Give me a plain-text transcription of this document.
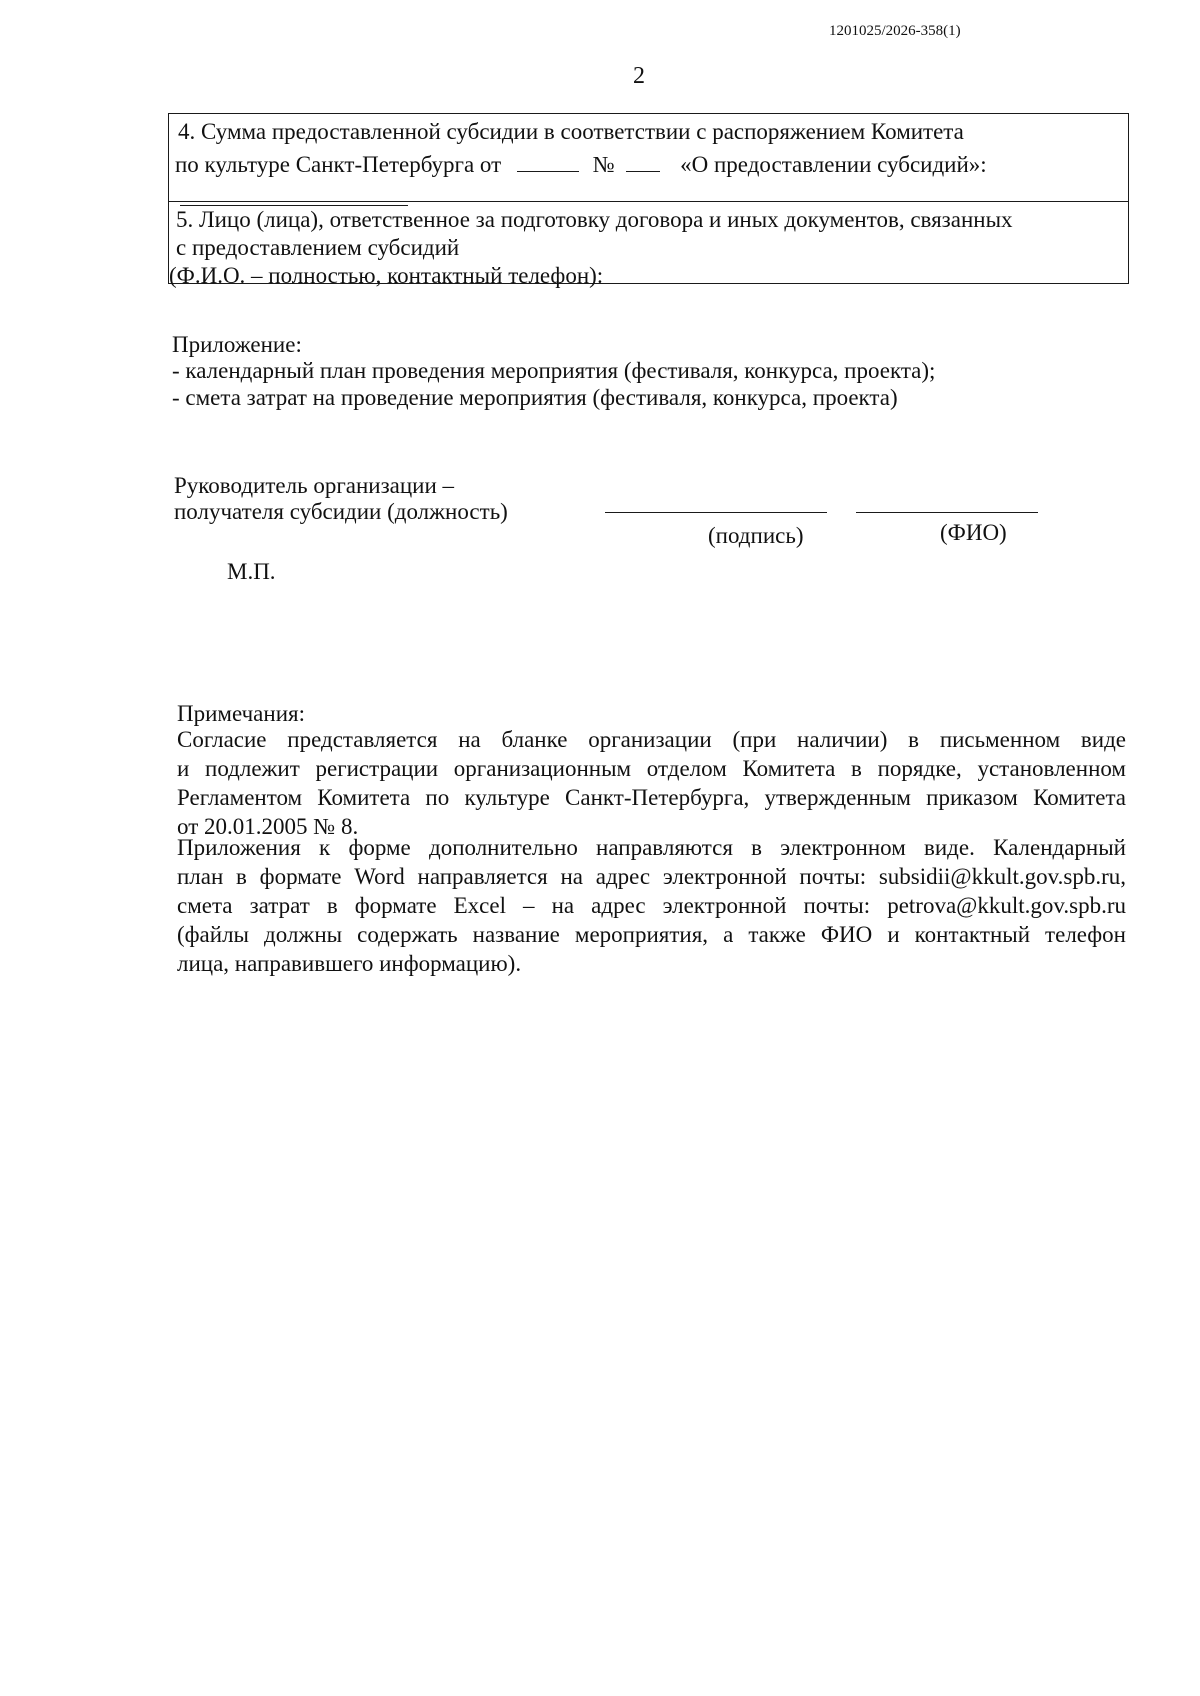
1201025/2026-358(1)
2
4. Сумма предоставленной субсидии в соответствии с распоряжением Комитета
по культуре Санкт-Петербурга от	№	«О предоставлении субсидий»:
5. Лицо (лица), ответственное за подготовку договора и иных документов, связанных
с предоставлением субсидий
(Ф.И.О. – полностью, контактный телефон):
Приложение:
- календарный план проведения мероприятия (фестиваля, конкурса, проекта);
- смета затрат на проведение мероприятия (фестиваля, конкурса, проекта)
Руководитель организации –
получателя субсидии (должность)
(подпись)	(ФИО)
М.П.
Примечания:
Согласие представляется на бланке организации (при наличии) в письменном виде
и подлежит регистрации организационным отделом Комитета в порядке, установленном
Регламентом Комитета по культуре Санкт-Петербурга, утвержденным приказом Комитета
от 20.01.2005 № 8.
Приложения к форме дополнительно направляются в электронном виде. Календарный
план в формате Word направляется на адрес электронной почты: subsidii@kkult.gov.spb.ru,
смета затрат в формате Excel – на адрес электронной почты: petrova@kkult.gov.spb.ru
(файлы должны содержать название мероприятия, а также ФИО и контактный телефон
лица, направившего информацию).
